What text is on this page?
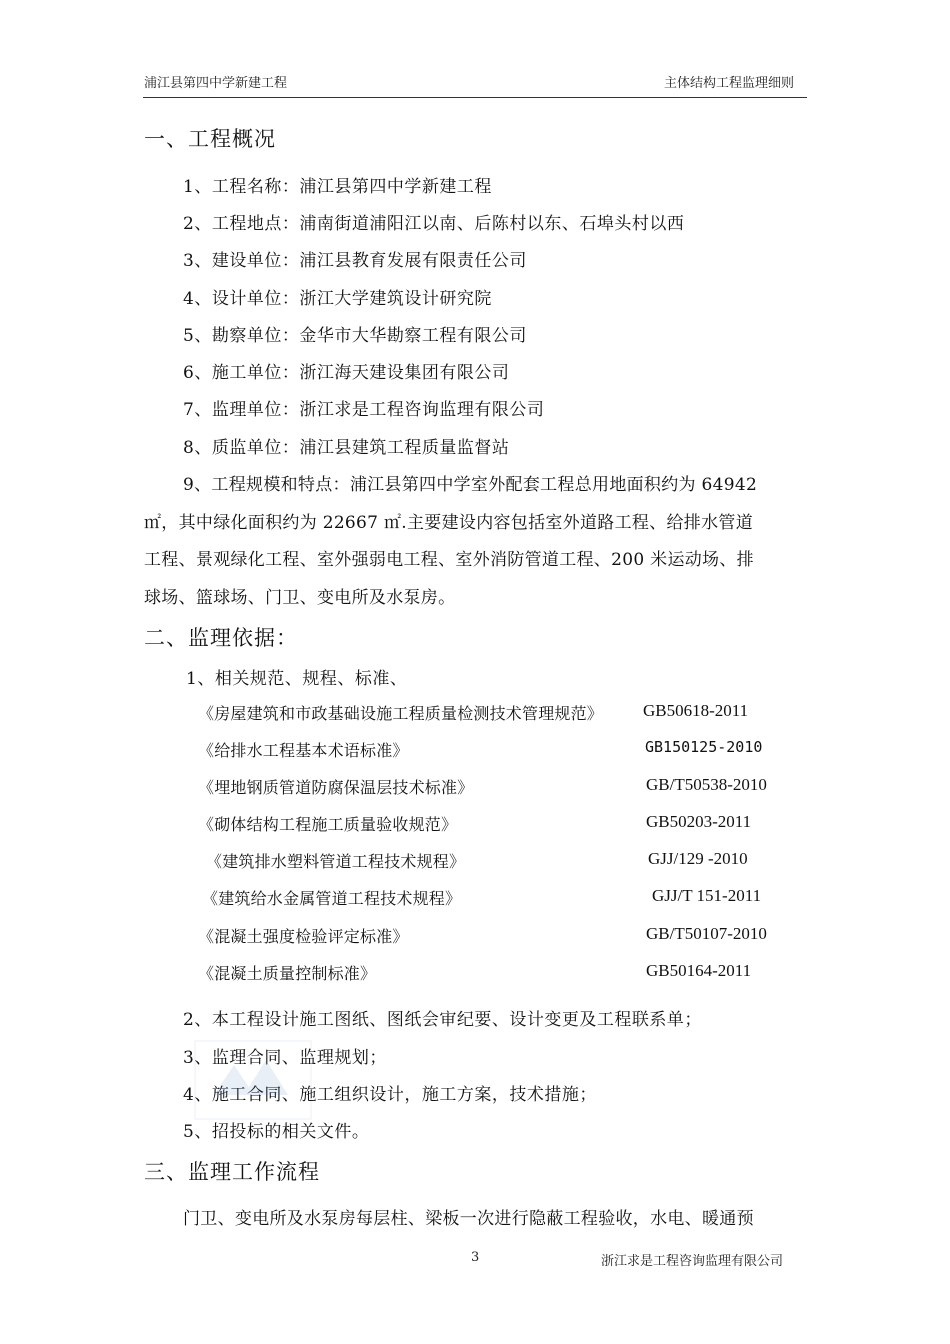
浦江县第四中学新建工程	主体结构工程监理细则
一、工程概况
1、工程名称：浦江县第四中学新建工程
2、工程地点：浦南街道浦阳江以南、后陈村以东、石埠头村以西
3、建设单位：浦江县教育发展有限责任公司
4、设计单位：浙江大学建筑设计研究院
5、勘察单位：金华市大华勘察工程有限公司
6、施工单位：浙江海天建设集团有限公司
7、监理单位：浙江求是工程咨询监理有限公司
8、质监单位：浦江县建筑工程质量监督站
9、工程规模和特点：浦江县第四中学室外配套工程总用地面积约为 64942
㎡，其中绿化面积约为 22667 ㎡.主要建设内容包括室外道路工程、给排水管道
工程、景观绿化工程、室外强弱电工程、室外消防管道工程、200 米运动场、排
球场、篮球场、门卫、变电所及水泵房。
二、监理依据：
1、相关规范、规程、标准、
《房屋建筑和市政基础设施工程质量检测技术管理规范》 GB50618-2011
《给排水工程基本术语标准》	GB150125-2010
《埋地钢质管道防腐保温层技术标准》	GB/T50538-2010
《砌体结构工程施工质量验收规范》	GB50203-2011
《建筑排水塑料管道工程技术规程》	GJJ/129 -2010
《建筑给水金属管道工程技术规程》	GJJ/T 151-2011
《混凝土强度检验评定标准》	GB/T50107-2010
《混凝土质量控制标准》	GB50164-2011
2、本工程设计施工图纸、图纸会审纪要、设计变更及工程联系单；
3、监理合同、监理规划；
4、施工合同、施工组织设计，施工方案，技术措施；
5、招投标的相关文件。
三、监理工作流程
门卫、变电所及水泵房每层柱、梁板一次进行隐蔽工程验收，水电、暖通预
3	浙江求是工程咨询监理有限公司
